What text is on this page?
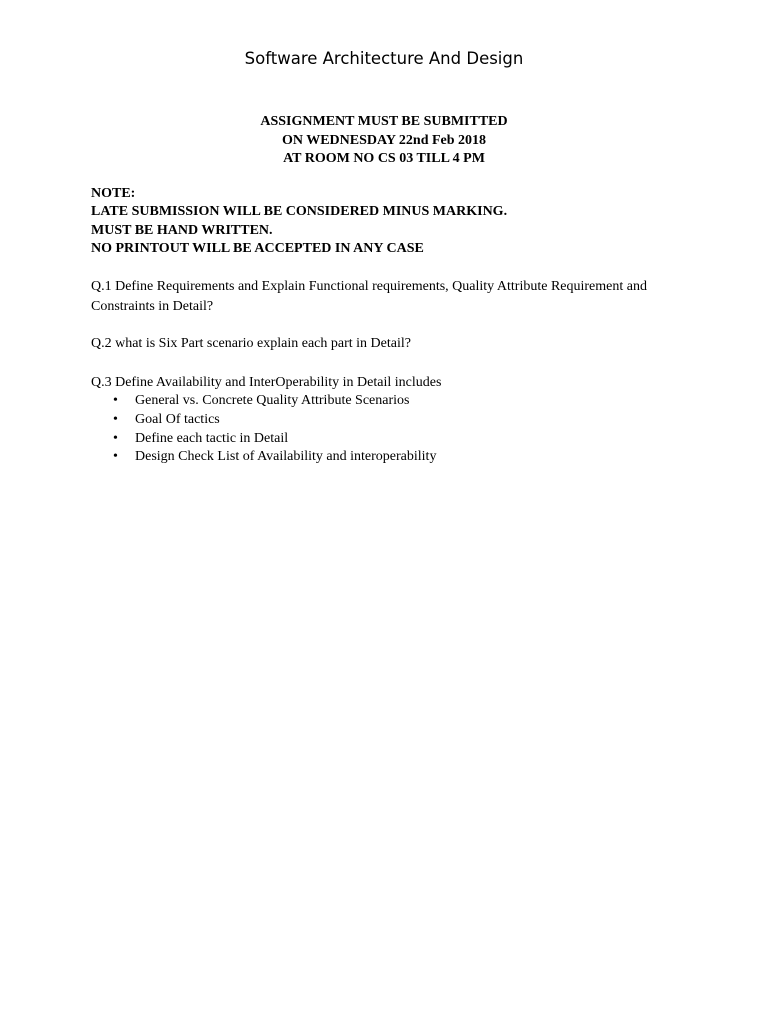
Software Architecture And Design
ASSIGNMENT MUST BE SUBMITTED
ON WEDNESDAY 22nd Feb 2018
AT ROOM NO CS 03 TILL 4 PM
NOTE:
LATE SUBMISSION WILL BE CONSIDERED MINUS MARKING.
MUST BE HAND WRITTEN.
NO PRINTOUT WILL BE ACCEPTED IN ANY CASE

Q.1 Define Requirements and Explain Functional requirements, Quality Attribute Requirement and Constraints in Detail?

Q.2 what is Six Part scenario explain each part in Detail?

Q.3 Define Availability and InterOperability in Detail includes

• General vs. Concrete Quality Attribute Scenarios
• Goal Of tactics
• Define each tactic in Detail
• Design Check List of Availability and interoperability
